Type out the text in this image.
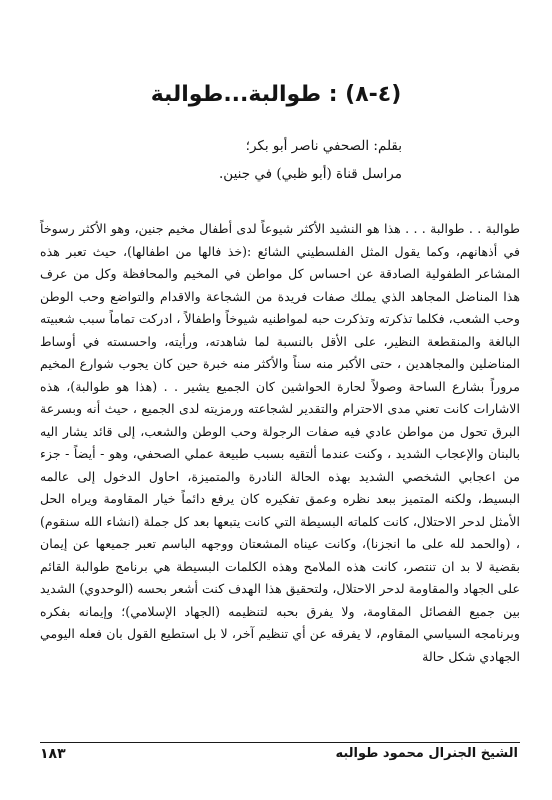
(٤-٨) : طوالبة...طوالبة
بقلم: الصحفي ناصر أبو بكر؛
مراسل قناة (أبو ظبي) في جنين.

طوالبة . . طوالبة . . . هذا هو النشيد الأكثر شيوعاً لدى أطفال مخيم جنين، وهو الأكثر رسوخاً في أذهانهم، وكما يقول المثل الفلسطيني الشائع :(خذ فالها من اطفالها)، حيث تعبر هذه المشاعر الطفولية الصادقة عن احساس كل مواطن في المخيم والمحافظة وكل من عرف هذا المناضل المجاهد الذي يملك صفات فريدة من الشجاعة والاقدام والتواضع وحب الوطن وحب الشعب، فكلما تذكرته وتذكرت حبه لمواطنيه شيوخاً واطفالاً ، ادركت تماماً سبب شعبيته البالغة والمنقطعة النظير، على الأقل بالنسبة لما شاهدته، ورأيته، واحسسته في أوساط المناضلين والمجاهدين ، حتى الأكبر منه سناً والأكثر منه خبرة حين كان يجوب شوارع المخيم مروراً بشارع الساحة وصولاً لحارة الحواشين كان الجميع يشير . . (هذا هو طوالبة)، هذه الاشارات كانت تعني مدى الاحترام والتقدير لشجاعته ورمزيته لدى الجميع ، حيث أنه وبسرعة البرق تحول من مواطن عادي فيه صفات الرجولة وحب الوطن والشعب، إلى قائد يشار اليه بالبنان والإعجاب الشديد ، وكنت عندما ألتقيه بسبب طبيعة عملي الصحفي، وهو - أيضاً - جزء من اعجابي الشخصي الشديد بهذه الحالة النادرة والمتميزة، احاول الدخول إلى عالمه البسيط، ولكنه المتميز ببعد نظره وعمق تفكيره كان يرفع دائماً خيار المقاومة ويراه الحل الأمثل لدحر الاحتلال، كانت كلماته البسيطة التي كانت يتبعها بعد كل جملة (انشاء الله سنقوم) ، (والحمد لله على ما انجزنا)، وكانت عيناه المشعتان ووجهه الباسم تعبر جميعها عن إيمان بقضية لا بد ان تنتصر، كانت هذه الملامح وهذه الكلمات البسيطة هي برنامج طوالبة القائم على الجهاد والمقاومة لدحر الاحتلال، ولتحقيق هذا الهدف كنت أشعر بحسه (الوحدوي) الشديد بين جميع الفصائل المقاومة، ولا يفرق بحبه لتنظيمه (الجهاد الإسلامي)؛ وإيمانه بفكره وبرنامجه السياسي المقاوم، لا يفرقه عن أي تنظيم آخر، لا بل استطيع القول بان فعله اليومي الجهادي شكل حالة

الشيخ الجنرال محمود طوالبه
١٨٣
